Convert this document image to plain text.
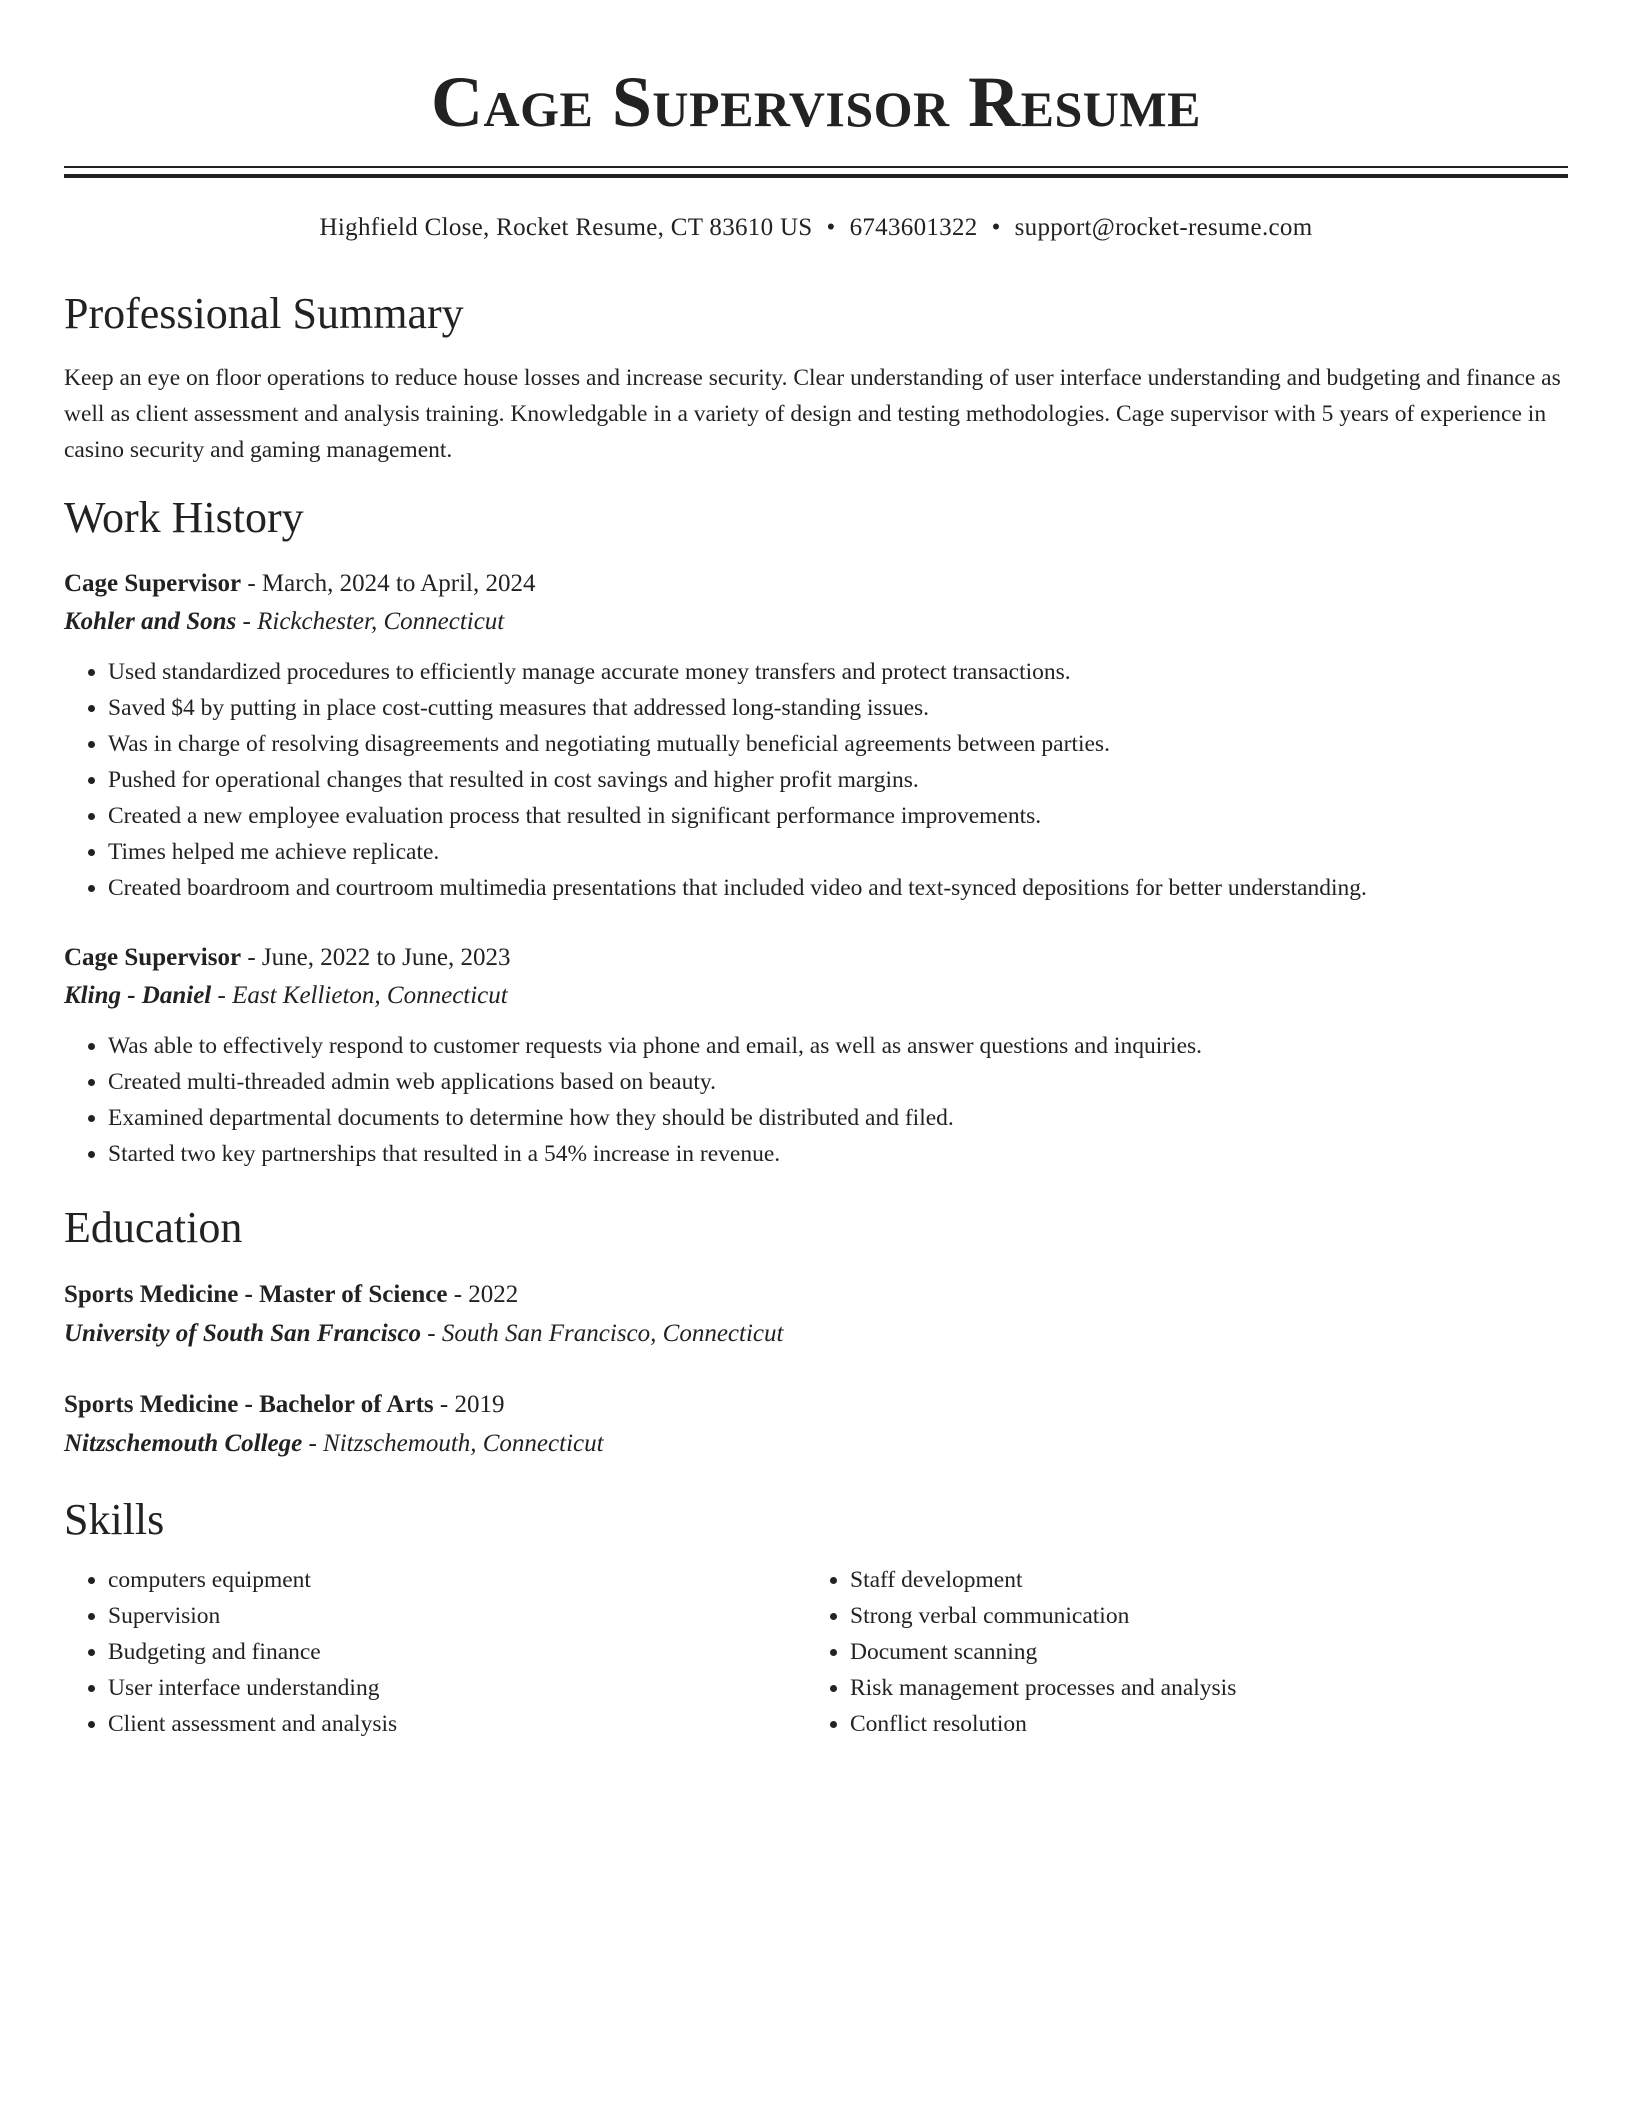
Cage Supervisor Resume
Highfield Close, Rocket Resume, CT 83610 US • 6743601322 • support@rocket-resume.com
Professional Summary

Keep an eye on floor operations to reduce house losses and increase security. Clear understanding of user interface understanding and budgeting and finance as well as client assessment and analysis training. Knowledgable in a variety of design and testing methodologies. Cage supervisor with 5 years of experience in casino security and gaming management.

Work History
Cage Supervisor - March, 2024 to April, 2024
Kohler and Sons - Rickchester, Connecticut
• Used standardized procedures to efficiently manage accurate money transfers and protect transactions.
• Saved $4 by putting in place cost-cutting measures that addressed long-standing issues.
• Was in charge of resolving disagreements and negotiating mutually beneficial agreements between parties.
• Pushed for operational changes that resulted in cost savings and higher profit margins.
• Created a new employee evaluation process that resulted in significant performance improvements.
• Times helped me achieve replicate.
• Created boardroom and courtroom multimedia presentations that included video and text-synced depositions for better understanding.
Cage Supervisor - June, 2022 to June, 2023
Kling - Daniel - East Kellieton, Connecticut
• Was able to effectively respond to customer requests via phone and email, as well as answer questions and inquiries.
• Created multi-threaded admin web applications based on beauty.
• Examined departmental documents to determine how they should be distributed and filed.
• Started two key partnerships that resulted in a 54% increase in revenue.
Education
Sports Medicine - Master of Science - 2022
University of South San Francisco - South San Francisco, Connecticut
Sports Medicine - Bachelor of Arts - 2019
Nitzschemouth College - Nitzschemouth, Connecticut
Skills
• computers equipment
• Supervision
• Budgeting and finance
• User interface understanding
• Client assessment and analysis
• Staff development
• Strong verbal communication
• Document scanning
• Risk management processes and analysis
• Conflict resolution
